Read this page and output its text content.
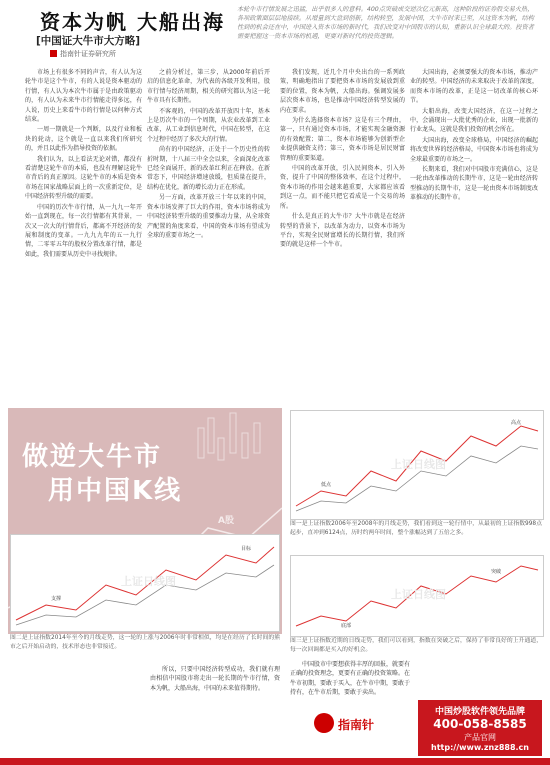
资本为帆 大船出海
[中国证大牛市大方略]
指南针证券研究所
本轮牛市行情发展之迅猛，出乎很多人的意料。400点突破成交逆次亿元新高，这种阶段的证券股交易火热，各项政策面层层地接续。从增量到大盘到创新，结构转型，发展中国，大牛市时来已至，从这资本为帆，结构性到的机会还在中，中国进入资本市场的新时代，我们改变对中国股市的认知，重新认识全球最大的。投资者需要把握这一资本市场的机遇，更要对新时代的投资逻辑。

市场上有很多不同的声音，有人认为这轮牛市是这个牛市，有的人说是资本驱动的行情，有人认为本次牛市属于是由政策驱动的，有人认为未来牛市行情能走得多远，有人说，历史上来看牛市的行情是以何种方式结束。

一周一期就是一个判断，以及行业和板块的轮动，这个就是一直以来我们所研究的，并且以此作为指导投资的依据。

我们认为，以上看法无论对错，都没有看清楚这轮牛市的本质，也没有理解这轮牛市背后的真正原因。这轮牛市的本质是资本市场在国家战略层面上的一次重新定位，是中国经济转型升级的需要。

中国的历次牛市行情，从一九九一年开始一直到现在，每一次行情都有其背景，一次又一次大的行情背后，都离不开经济的发展和制度的变革。一九九九年的五一九行情，二零零五年的股权分置改革行情，都是如此，我们需要从历史中寻找规律。

之前分析过，第三步，从2000年前后开启的信息化革命，为代表的各级开发利用，股市行情与经济周期，相关的研究都认为这一轮牛市具有长期性。

不客观的，中国的改革开放四十年，基本上是历次牛市的一个周期，从农业改革到工业改革，从工业到信息时代，中国在转型，在这个过程中经历了多次大的行情。

尚有的中国经济，正处于一个历史性的转折时期，十八届三中全会以来，全面深化改革已经全面展开，新的改革红利正在释放。在新常态下，中国经济增速放缓，但质量在提升，结构在优化，新的增长动力正在形成。

另一方面，改革开放三十年以来的中国，资本市场发挥了巨大的作用，资本市场将成为中国经济转型升级的重要推动力量，从全球资产配置的角度来看，中国的资本市场有望成为全球的重要市场之一。

我们发现，近几个月中央出台的一系列政策，明确地指出了要把资本市场的发展放到重要的位置，资本为帆，大船出海。强调发展多层次资本市场，也是推动中国经济转型发展的内在要求。

为什么选择资本市场？这是有三个理由，第一，只有通过资本市场，才能实现金融资源的有效配置；第二，资本市场能够为创新型企业提供融资支持；第三，资本市场是居民财富管理的重要渠道。

中国的改革开放，引入民间资本，引入外资，提升了中国的整体效率，在这个过程中，资本市场的作用会越来越重要，大家都应该看到这一点，而不能只把它看成是一个交易的场所。

什么是真正的大牛市？大牛市就是在经济转型的背景下，以改革为动力，以资本市场为平台，实现全民财富增长的长期行情，我们所要的就是这样一个牛市。

大国出海，必须要强大的资本市场，推动产业的转型。中国经济的未来取决于改革的深度，而资本市场的改革，正是这一切改革的核心环节。

大船出海，改变大国经济，在这一过程之中，会涌现出一大批优秀的企业，出现一批新的行业龙头，这就是我们投资的机会所在。

大国出海，改变全球格局，中国经济的崛起将改变世界的经济格局，中国资本市场也将成为全球最重要的市场之一。

长期来看，我们对中国股市充满信心，这是一轮由改革推动的长期牛市，这是一轮由经济转型推动的长期牛市，这是一轮由资本市场制度改革推动的长期牛市。

做逆大牛市
用中国K线
A股
上证日线图
低点
高点
图一是上证指数2006年至2008年的月线走势，我们看到这一轮行情中，从最初的上证指数998点起步，直冲到6124点，历时约两年时间，整个涨幅达到了五倍之多。
上证日线图
支撑
目标
图二是上证指数2014年至今的月线走势，这一轮的上涨与2006年时非常相似，均是在经历了长时间的熊市之后开始启动的，技术形态也非常接近。
上证日线图
底部
突破
图三是上证指数近期的日线走势，我们可以看到，指数在突破之后，保持了非常良好的上升通道，每一次回调都是买入的好机会。

中国股市中要想获得丰厚的回报，就要有正确的投资理念，更要有正确的投资策略。在牛市初期，要敢于买入，在牛市中期，要敢于持有，在牛市后期，要敢于卖出。

所以，只要中国经济转型成功，我们就有理由相信中国股市将走出一轮长期的牛市行情，资本为帆，大船出海，中国的未来值得期待。

指南针
中国炒股软件领先品牌
400-058-8585
产品官网
http://www.znz888.cn
